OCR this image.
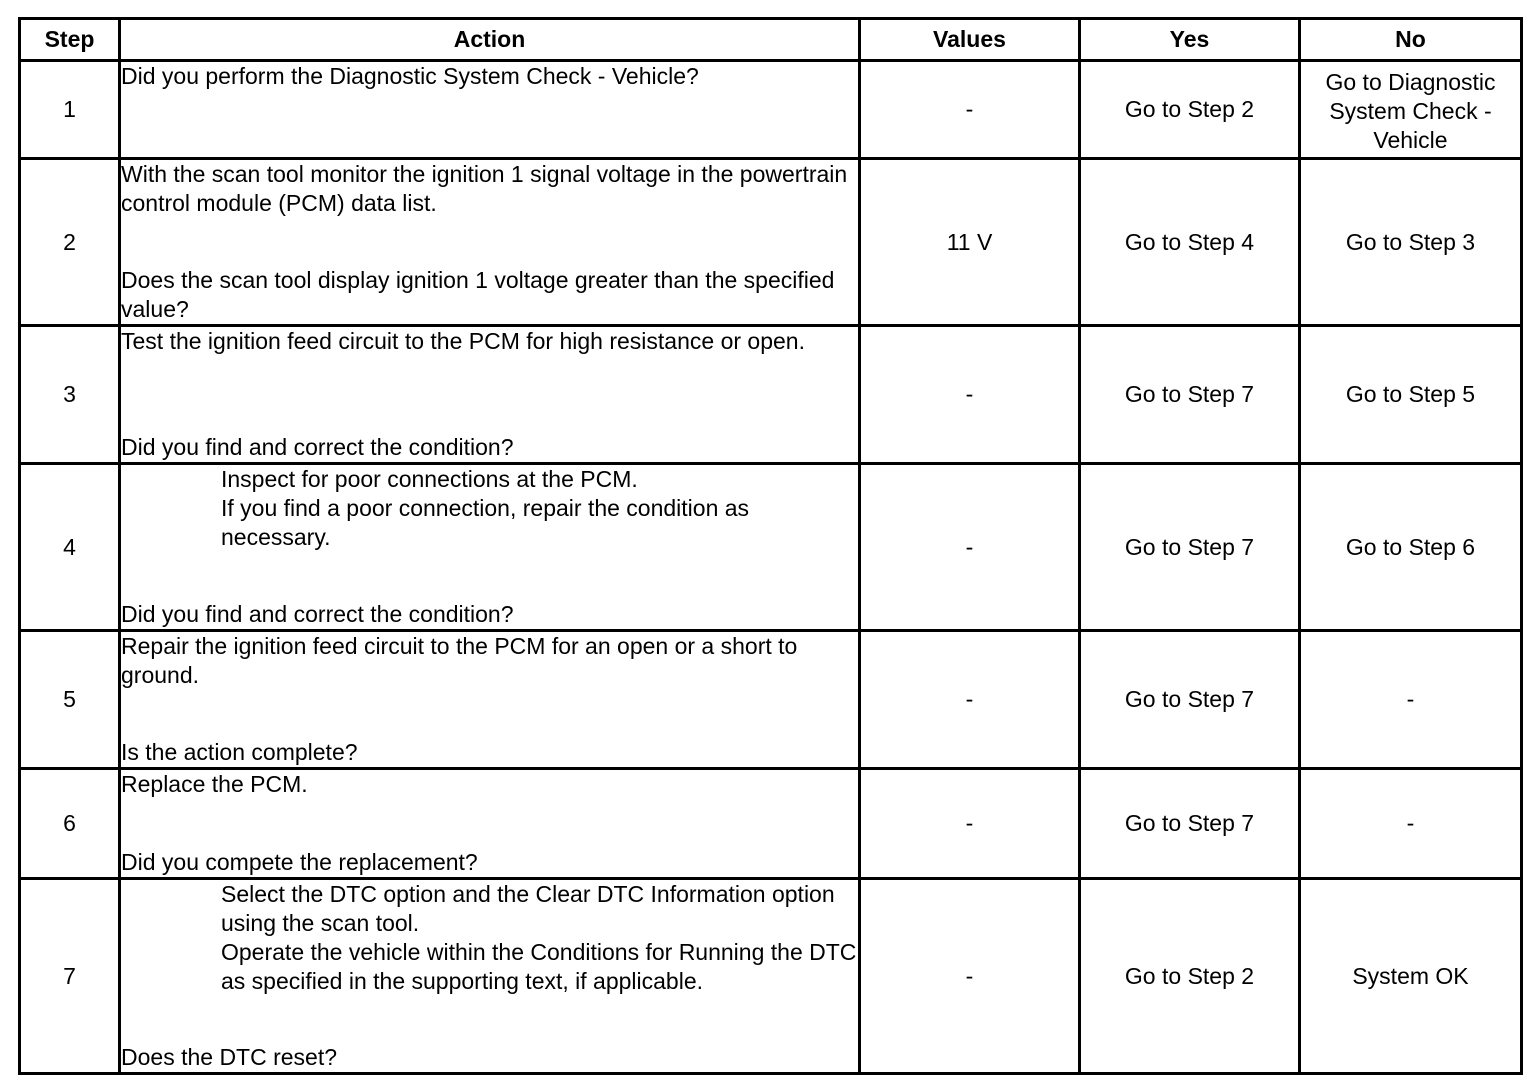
Step	Action	Values	Yes	No
1	Did you perform the Diagnostic System Check - Vehicle?	-	Go to Step 2	Go to Diagnostic System Check - Vehicle
2	With the scan tool monitor the ignition 1 signal voltage in the powertrain control module (PCM) data list.
Does the scan tool display ignition 1 voltage greater than the specified value?	11 V	Go to Step 4	Go to Step 3
3	Test the ignition feed circuit to the PCM for high resistance or open.
Did you find and correct the condition?	-	Go to Step 7	Go to Step 5
4	Inspect for poor connections at the PCM.
If you find a poor connection, repair the condition as necessary.
Did you find and correct the condition?	-	Go to Step 7	Go to Step 6
5	Repair the ignition feed circuit to the PCM for an open or a short to ground.
Is the action complete?	-	Go to Step 7	-
6	Replace the PCM.
Did you compete the replacement?	-	Go to Step 7	-
7	Select the DTC option and the Clear DTC Information option using the scan tool.
Operate the vehicle within the Conditions for Running the DTC as specified in the supporting text, if applicable.
Does the DTC reset?	-	Go to Step 2	System OK
